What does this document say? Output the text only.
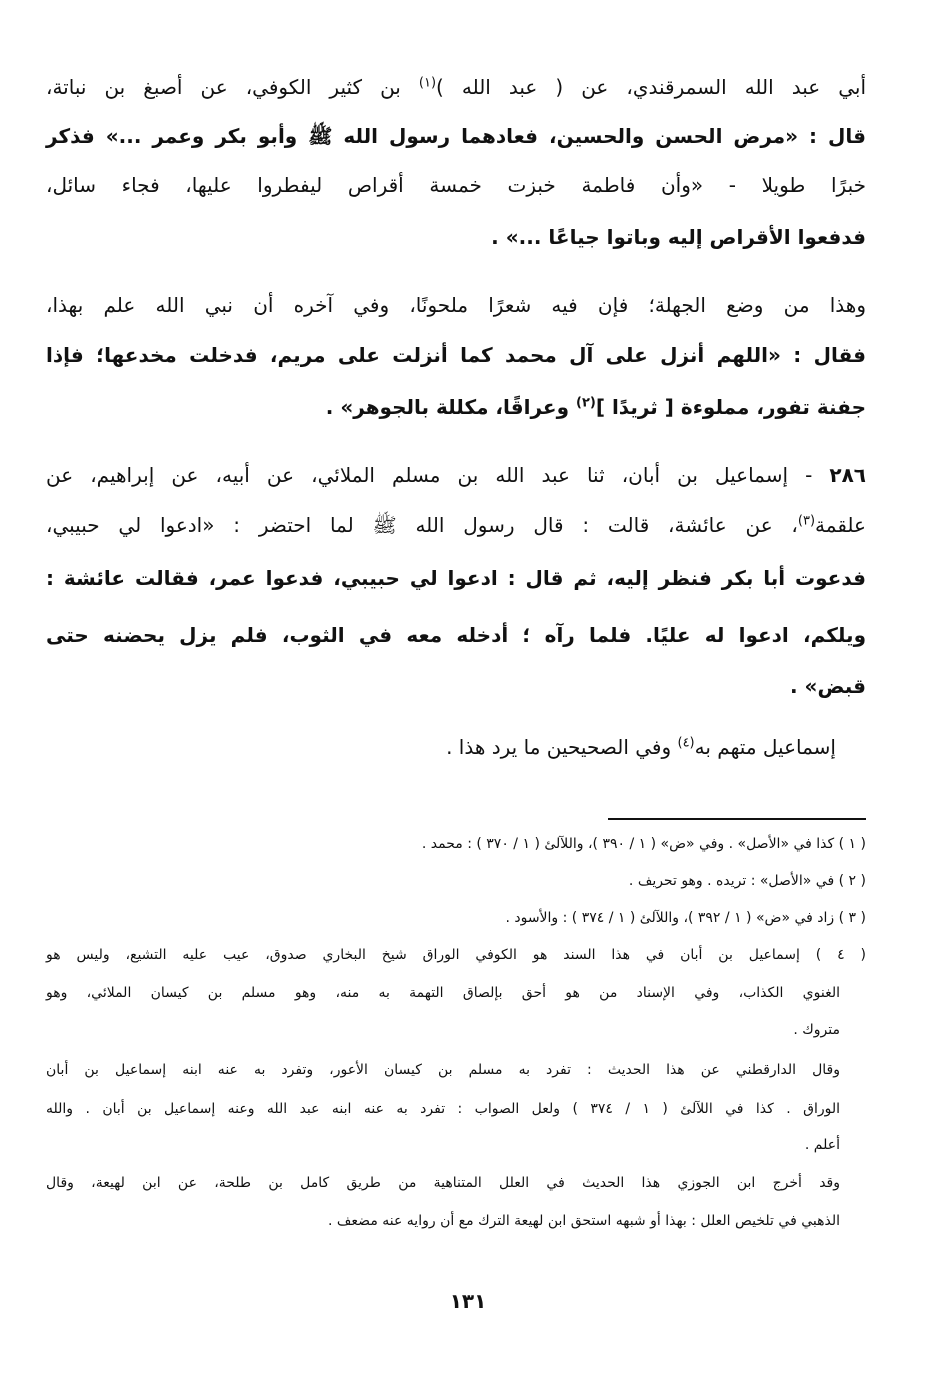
أبي عبد الله السمرقندي، عن ( عبد الله )$^{(١)}$ بن كثير الكوفي، عن أصبغ بن نباتة،
قال : «مرض الحسن والحسين، فعادهما رسول الله ﷺ وأبو بكر وعمر ...» فذكر
خبرًا طويلا - «وأن فاطمة خبزت خمسة أقراص ليفطروا عليها، فجاء سائل،
فدفعوا الأقراص إليه وباتوا جياعًا ...» .
وهذا من وضع الجهلة؛ فإن فيه شعرًا ملحونًا، وفي آخره أن نبي الله علم بهذا،
فقال : «اللهم أنزل على آل محمد كما أنزلت على مريم، فدخلت مخدعها؛ فإذا
جفنة تفور، مملوءة [ ثريدًا ]$^{(٢)}$ وعراقًا، مكللة بالجوهر» .
٢٨٦ - إسماعيل بن أبان، ثنا عبد الله بن مسلم الملائي، عن أبيه، عن إبراهيم، عن
علقمة$^{(٣)}$، عن عائشة، قالت : قال رسول الله ﷺ لما احتضر : «ادعوا لي حبيبي،
فدعوت أبا بكر فنظر إليه، ثم قال : ادعوا لي حبيبي، فدعوا عمر، فقالت عائشة :
ويلكم، ادعوا له عليًا. فلما رآه ؛ أدخله معه في الثوب، فلم يزل يحضنه حتى
قبض» .
إسماعيل متهم به$^{(٤)}$ وفي الصحيحين ما يرد هذا .
( ١ ) كذا في «الأصل» . وفي «ض» ( ١ / ٣٩٠ )، واللآلئ ( ١ / ٣٧٠ ) : محمد .
( ٢ ) في «الأصل» : تريده . وهو تحريف .
( ٣ ) زاد في «ض» ( ١ / ٣٩٢ )، واللآلئ ( ١ / ٣٧٤ ) : والأسود .
( ٤ ) إسماعيل بن أبان في هذا السند هو الكوفي الوراق شيخ البخاري صدوق، عيب عليه التشيع، وليس هو
الغنوي الكذاب، وفي الإسناد من هو أحق بإلصاق التهمة به منه، وهو مسلم بن كيسان الملائي، وهو
متروك .
وقال الدارقطني عن هذا الحديث : تفرد به مسلم بن كيسان الأعور، وتفرد به عنه ابنه إسماعيل بن أبان
الوراق . كذا في اللآلئ ( ١ / ٣٧٤ ) ولعل الصواب : تفرد به عنه ابنه عبد الله وعنه إسماعيل بن أبان . والله
أعلم .
وقد أخرج ابن الجوزي هذا الحديث في العلل المتناهية من طريق كامل بن طلحة، عن ابن لهيعة، وقال
الذهبي في تلخيص العلل : بهذا أو شبهه استحق ابن لهيعة الترك مع أن روايه عنه مضعف .
١٣١
